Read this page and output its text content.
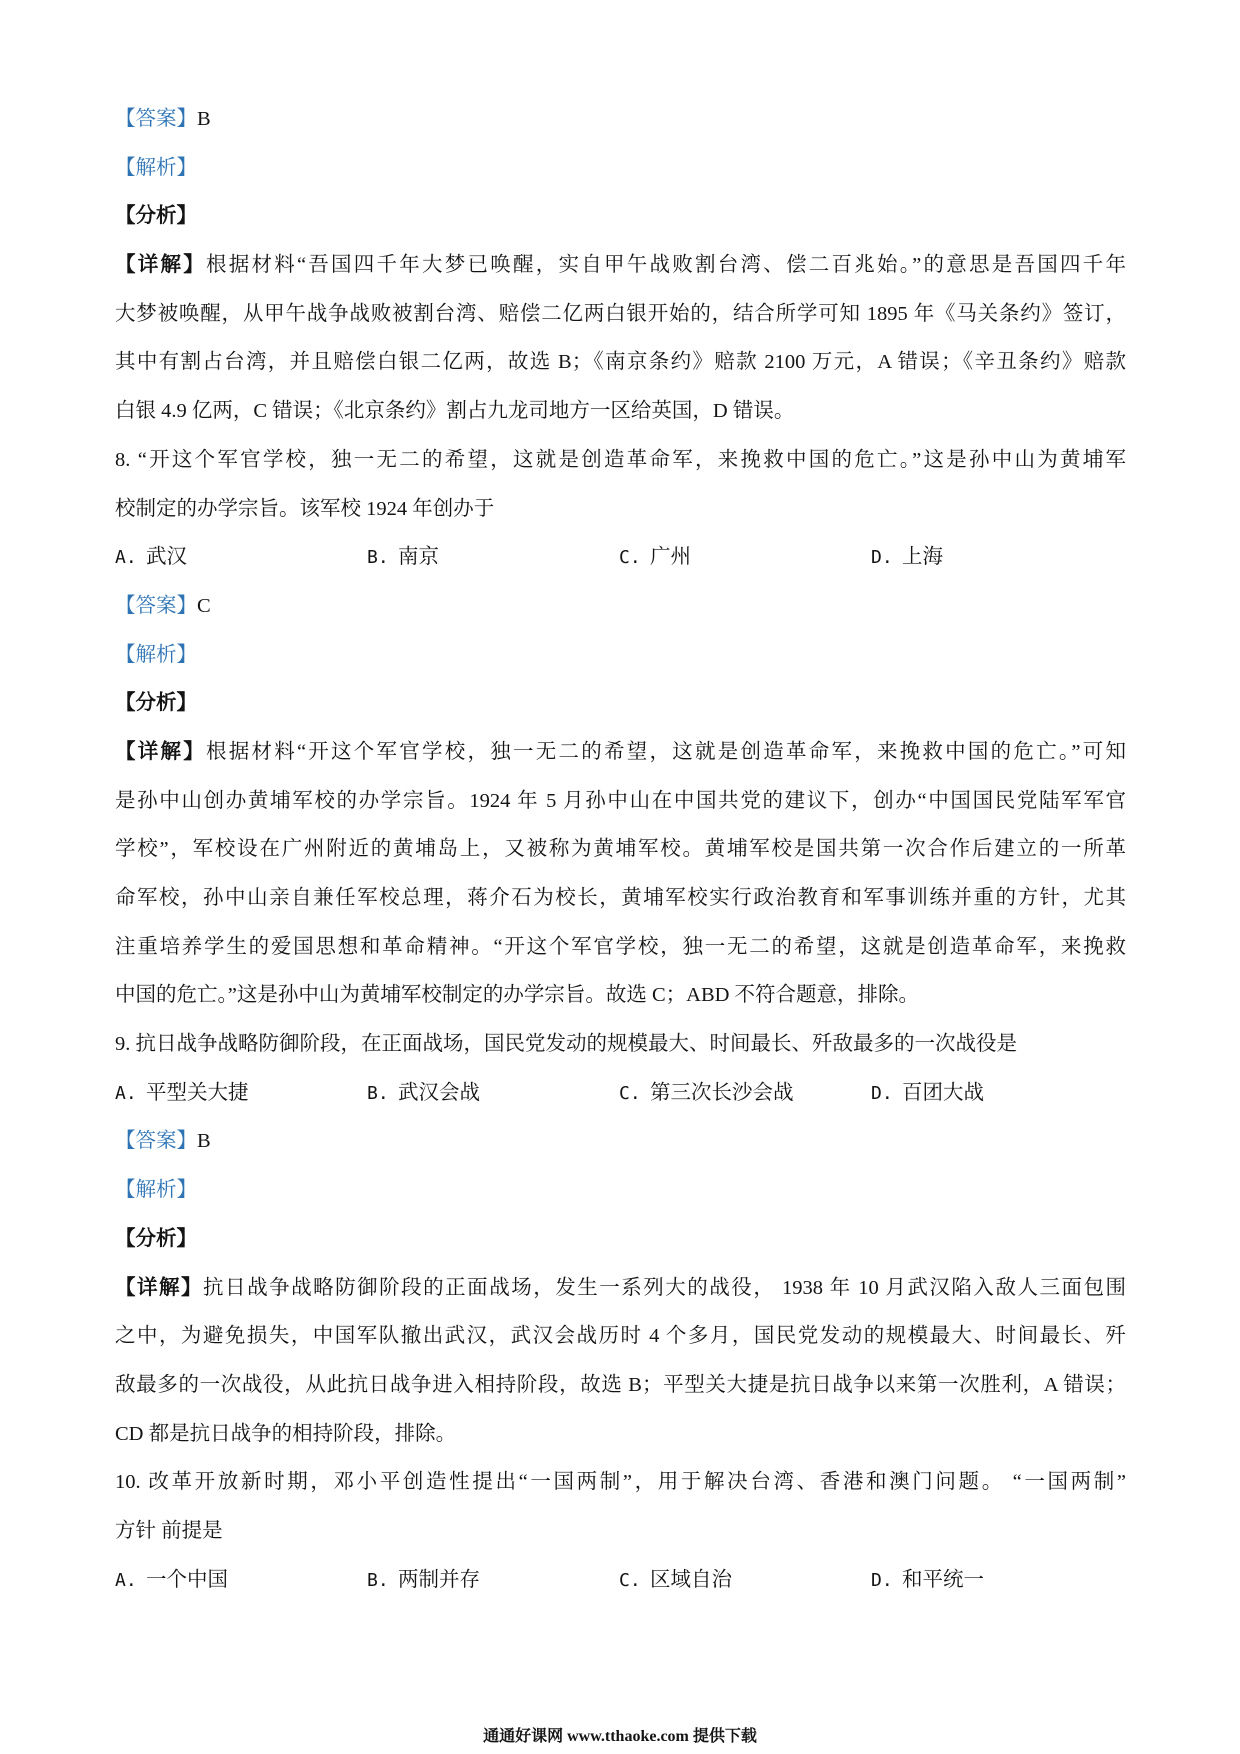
【答案】B
【解析】
【分析】
【详解】根据材料“吾国四千年大梦已唤醒，实自甲午战败割台湾、偿二百兆始。”的意思是吾国四千年
大梦被唤醒，从甲午战争战败被割台湾、赔偿二亿两白银开始的，结合所学可知 1895 年《马关条约》签订，
其中有割占台湾，并且赔偿白银二亿两，故选 B；《南京条约》赔款 2100 万元，A 错误；《辛丑条约》赔款
白银 4.9 亿两，C 错误；《北京条约》割占九龙司地方一区给英国，D 错误。
8. “开这个军官学校，独一无二的希望，这就是创造革命军，来挽救中国的危亡。”这是孙中山为黄埔军
校制定的办学宗旨。该军校 1924 年创办于
A. 武汉	B. 南京	C. 广州	D. 上海
【答案】C
【解析】
【分析】
【详解】根据材料“开这个军官学校，独一无二的希望，这就是创造革命军，来挽救中国的危亡。”可知
是孙中山创办黄埔军校的办学宗旨。1924 年 5 月孙中山在中国共党的建议下，创办“中国国民党陆军军官
学校”，军校设在广州附近的黄埔岛上，又被称为黄埔军校。黄埔军校是国共第一次合作后建立的一所革
命军校，孙中山亲自兼任军校总理，蒋介石为校长，黄埔军校实行政治教育和军事训练并重的方针，尤其
注重培养学生的爱国思想和革命精神。“开这个军官学校，独一无二的希望，这就是创造革命军，来挽救
中国的危亡。”这是孙中山为黄埔军校制定的办学宗旨。故选 C；ABD 不符合题意，排除。
9. 抗日战争战略防御阶段，在正面战场，国民党发动的规模最大、时间最长、歼敌最多的一次战役是
A. 平型关大捷	B. 武汉会战	C. 第三次长沙会战	D. 百团大战
【答案】B
【解析】
【分析】
【详解】抗日战争战略防御阶段的正面战场，发生一系列大的战役， 1938 年 10 月武汉陷入敌人三面包围
之中，为避免损失，中国军队撤出武汉，武汉会战历时 4 个多月，国民党发动的规模最大、时间最长、歼
敌最多的一次战役，从此抗日战争进入相持阶段，故选 B；平型关大捷是抗日战争以来第一次胜利，A 错误；
CD 都是抗日战争的相持阶段，排除。
10. 改革开放新时期，邓小平创造性提出“一国两制”，用于解决台湾、香港和澳门问题。 “一国两制”
方针 前提是
A. 一个中国	B. 两制并存	C. 区域自治	D. 和平统一
通通好课网 www.tthaoke.com 提供下载
